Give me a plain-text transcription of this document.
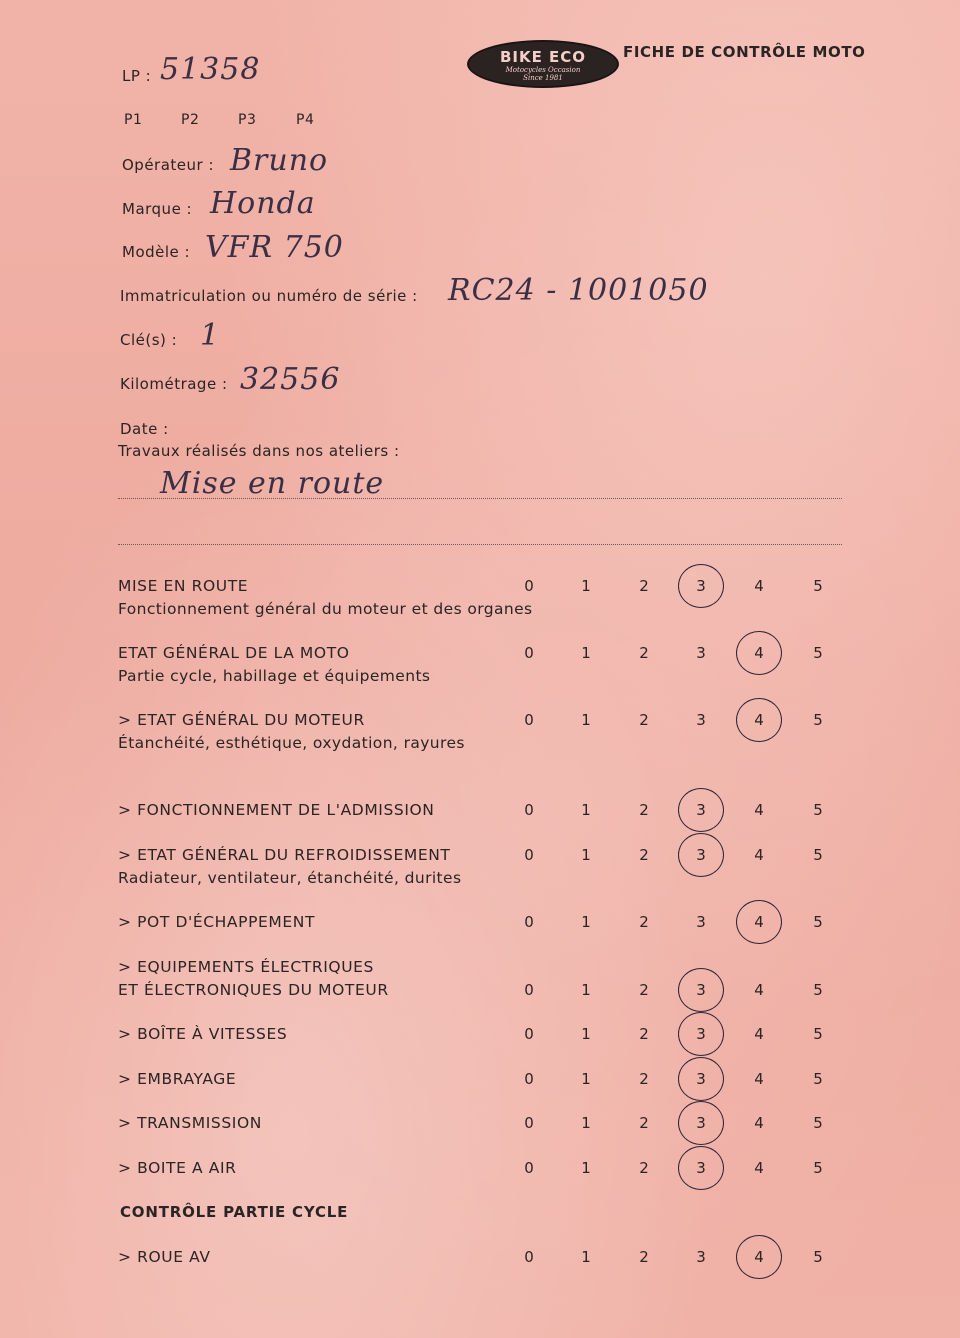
BIKE ECO
Motocycles Occasion
Since 1981
FICHE DE CONTRÔLE MOTO
LP : 51358
P1	P2	P3	P4
Opérateur : Bruno
Marque : Honda
Modèle : VFR 750
Immatriculation ou numéro de série : RC24 - 1001050
Clé(s) : 1
Kilométrage : 32556
Date :
Travaux réalisés dans nos ateliers :
Mise en route
MISE EN ROUTE
Fonctionnement général du moteur et des organes
0	1	2	3	4	5
ETAT GÉNÉRAL DE LA MOTO
Partie cycle, habillage et équipements
0	1	2	3	4	5
> ETAT GÉNÉRAL DU MOTEUR
Étanchéité, esthétique, oxydation, rayures
0	1	2	3	4	5
> FONCTIONNEMENT DE L'ADMISSION	0	1	2	3	4	5
> ETAT GÉNÉRAL DU REFROIDISSEMENT
Radiateur, ventilateur, étanchéité, durites
0	1	2	3	4	5
> POT D'ÉCHAPPEMENT	0	1	2	3	4	5
> EQUIPEMENTS ÉLECTRIQUES
ET ÉLECTRONIQUES DU MOTEUR	0	1	2	3	4	5
> BOÎTE À VITESSES	0	1	2	3	4	5
> EMBRAYAGE	0	1	2	3	4	5
> TRANSMISSION	0	1	2	3	4	5
> BOITE A AIR	0	1	2	3	4	5
CONTRÔLE PARTIE CYCLE
> ROUE AV	0	1	2	3	4	5
